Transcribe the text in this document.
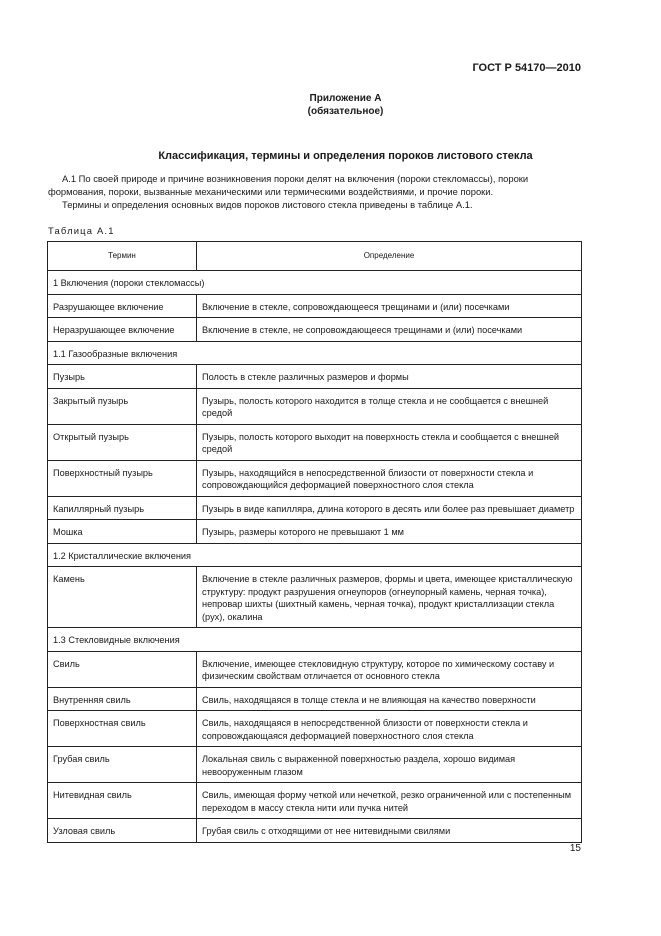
ГОСТ Р 54170—2010
Приложение А
(обязательное)
Классификация, термины и определения пороков листового стекла
А.1 По своей природе и причине возникновения пороки делят на включения (пороки стекломассы), пороки формования, пороки, вызванные механическими или термическими воздействиями, и прочие пороки.
Термины и определения основных видов пороков листового стекла приведены в таблице А.1.
Таблица А.1
Термин	Определение
1 Включения (пороки стекломассы)	
Разрушающее включение	Включение в стекле, сопровождающееся трещинами и (или) посечками
Неразрушающее включение	Включение в стекле, не сопровождающееся трещинами и (или) посечками
1.1 Газообразные включения	
Пузырь	Полость в стекле различных размеров и формы
Закрытый пузырь	Пузырь, полость которого находится в толще стекла и не сообщается с внешней средой
Открытый пузырь	Пузырь, полость которого выходит на поверхность стекла и сообщается с внешней средой
Поверхностный пузырь	Пузырь, находящийся в непосредственной близости от поверхности стекла и сопровождающийся деформацией поверхностного слоя стекла
Капиллярный пузырь	Пузырь в виде капилляра, длина которого в десять или более раз превышает диаметр
Мошка	Пузырь, размеры которого не превышают 1 мм
1.2 Кристаллические включения	
Камень	Включение в стекле различных размеров, формы и цвета, имеющее кристаллическую структуру: продукт разрушения огнеупоров (огнеупорный камень, черная точка), непровар шихты (шихтный камень, черная точка), продукт кристаллизации стекла (рух), окалина
1.3 Стекловидные включения	
Свиль	Включение, имеющее стекловидную структуру, которое по химическому составу и физическим свойствам отличается от основного стекла
Внутренняя свиль	Свиль, находящаяся в толще стекла и не влияющая на качество поверхности
Поверхностная свиль	Свиль, находящаяся в непосредственной близости от поверхности стекла и сопровождающаяся деформацией поверхностного слоя стекла
Грубая свиль	Локальная свиль с выраженной поверхностью раздела, хорошо видимая невооруженным глазом
Нитевидная свиль	Свиль, имеющая форму четкой или нечеткой, резко ограниченной или с постепенным переходом в массу стекла нити или пучка нитей
Узловая свиль	Грубая свиль с отходящими от нее нитевидными свилями
15
